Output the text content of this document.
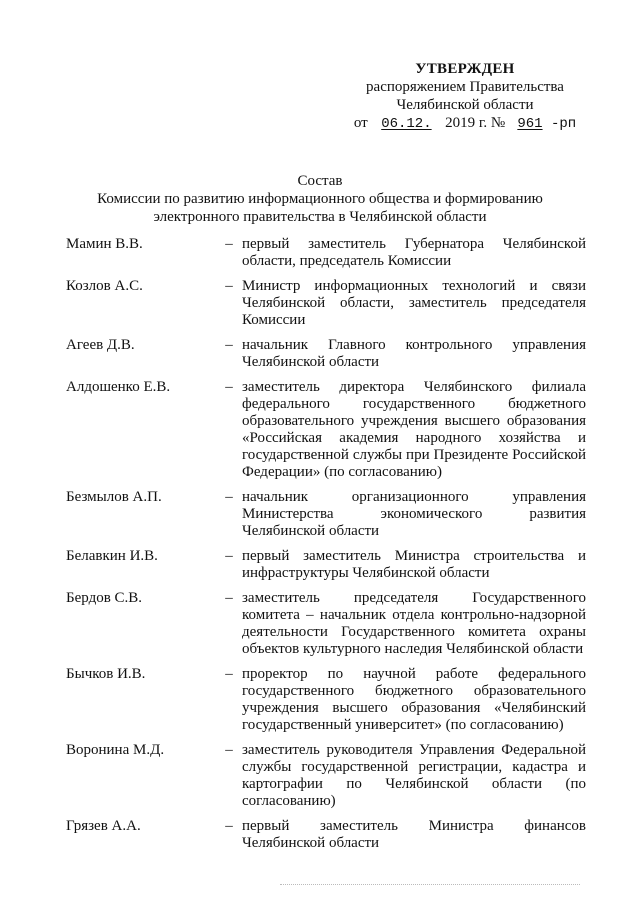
УТВЕРЖДЕН
распоряжением Правительства
Челябинской области
от 06.12. 2019 г. № 961 -рп
Состав
Комиссии по развитию информационного общества и формированию
электронного правительства в Челябинской области
Мамин В.В.	– первый заместитель Губернатора Челябинской области, председатель Комиссии
Козлов А.С.	– Министр информационных технологий и связи Челябинской области, заместитель председателя Комиссии
Агеев Д.В.	– начальник Главного контрольного управления Челябинской области
Алдошенко Е.В.	– заместитель директора Челябинского филиала федерального государственного бюджетного образовательного учреждения высшего образования «Российская академия народного хозяйства и государственной службы при Президенте Российской Федерации» (по согласованию)
Безмылов А.П.	– начальник организационного управления Министерства экономического развития Челябинской области
Белавкин И.В.	– первый заместитель Министра строительства и инфраструктуры Челябинской области
Бердов С.В.	– заместитель председателя Государственного комитета – начальник отдела контрольно-надзорной деятельности Государственного комитета охраны объектов культурного наследия Челябинской области
Бычков И.В.	– проректор по научной работе федерального государственного бюджетного образовательного учреждения высшего образования «Челябинский государственный университет» (по согласованию)
Воронина М.Д.	– заместитель руководителя Управления Федеральной службы государственной регистрации, кадастра и картографии по Челябинской области (по согласованию)
Грязев А.А.	– первый заместитель Министра финансов Челябинской области
